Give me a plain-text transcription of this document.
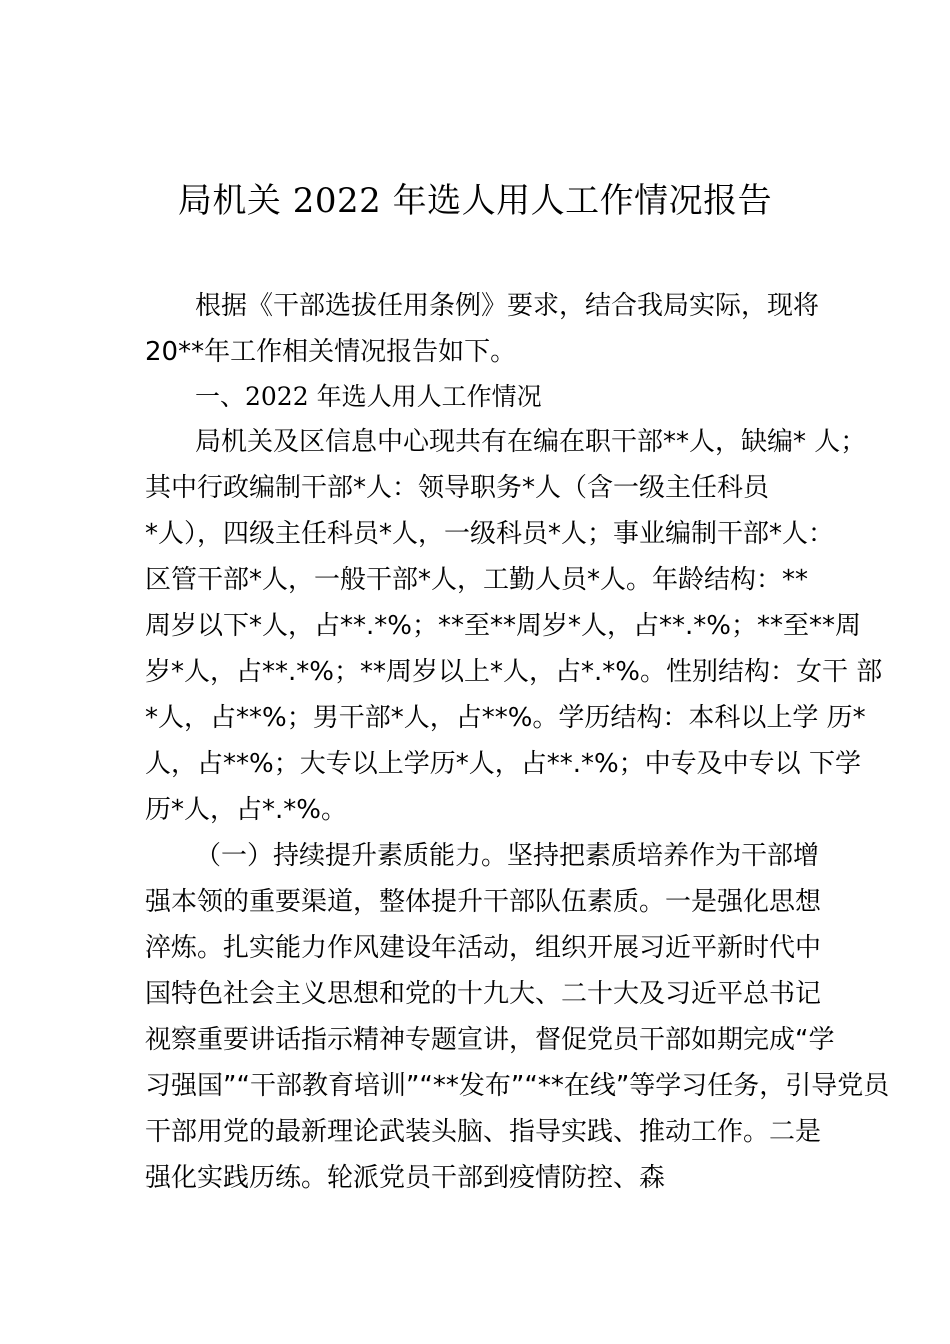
局机关 2022 年选人用人工作情况报告
根据《干部选拔任用条例》要求，结合我局实际，现将
20**年工作相关情况报告如下。
一、2022 年选人用人工作情况
局机关及区信息中心现共有在编在职干部**人，缺编* 人；
其中行政编制干部*人：领导职务*人（含一级主任科员
*人），四级主任科员*人，一级科员*人；事业编制干部*人：
区管干部*人，一般干部*人，工勤人员*人。年龄结构：**
周岁以下*人，占**.*%；**至**周岁*人，占**.*%；**至**周
岁*人，占**.*%；**周岁以上*人，占*.*%。性别结构：女干 部
*人，占**%；男干部*人，占**%。学历结构：本科以上学 历*
人，占**%；大专以上学历*人，占**.*%；中专及中专以 下学
历*人，占*.*%。
（一）持续提升素质能力。坚持把素质培养作为干部增
强本领的重要渠道，整体提升干部队伍素质。一是强化思想
淬炼。扎实能力作风建设年活动，组织开展习近平新时代中
国特色社会主义思想和党的十九大、二十大及习近平总书记
视察重要讲话指示精神专题宣讲，督促党员干部如期完成“学
习强国”“干部教育培训”“**发布”“**在线”等学习任务，引导党员
干部用党的最新理论武装头脑、指导实践、推动工作。二是
强化实践历练。轮派党员干部到疫情防控、森
